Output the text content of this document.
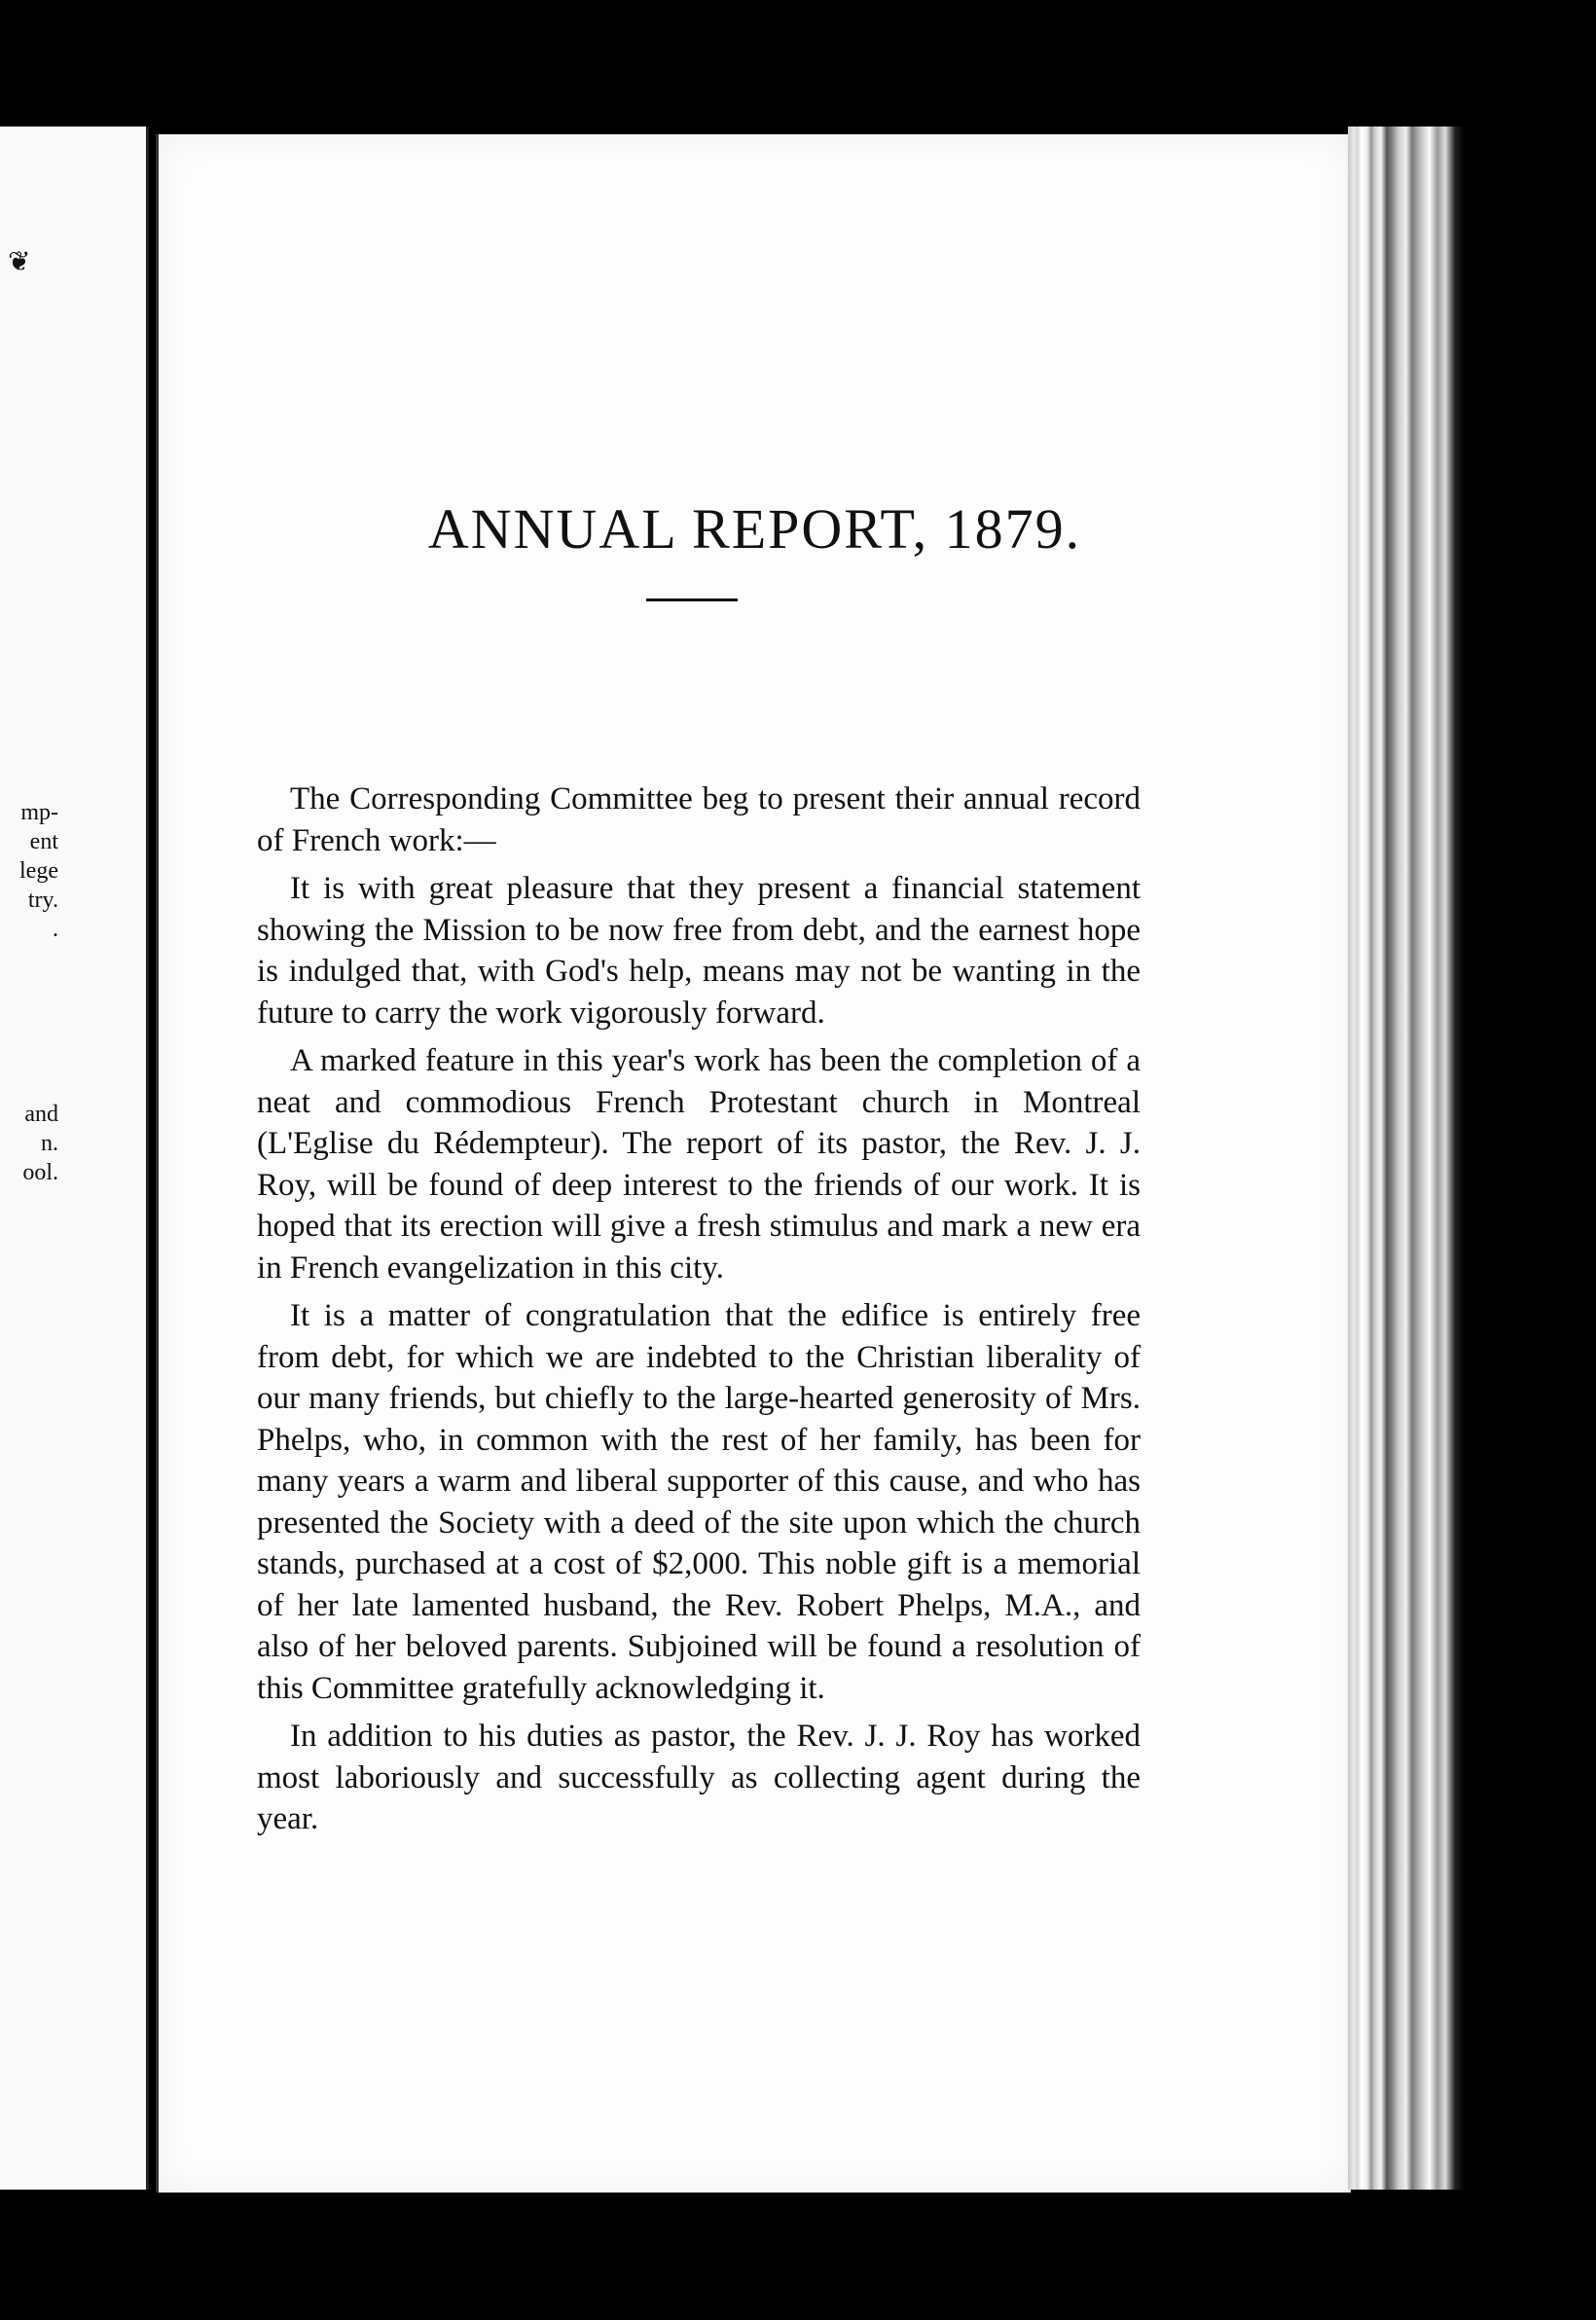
❦
mp-
ent
lege
try.
.
and
n.
ool.
ANNUAL REPORT, 1879.

The Corresponding Committee beg to present their annual record of French work:—

It is with great pleasure that they present a financial statement showing the Mission to be now free from debt, and the earnest hope is indulged that, with God's help, means may not be wanting in the future to carry the work vigorously forward.

A marked feature in this year's work has been the completion of a neat and commodious French Protestant church in Montreal (L'Eglise du Rédempteur). The report of its pastor, the Rev. J. J. Roy, will be found of deep interest to the friends of our work. It is hoped that its erection will give a fresh stimulus and mark a new era in French evangelization in this city.

It is a matter of congratulation that the edifice is entirely free from debt, for which we are indebted to the Christian liberality of our many friends, but chiefly to the large-hearted generosity of Mrs. Phelps, who, in common with the rest of her family, has been for many years a warm and liberal supporter of this cause, and who has presented the Society with a deed of the site upon which the church stands, purchased at a cost of $2,000. This noble gift is a memorial of her late lamented husband, the Rev. Robert Phelps, M.A., and also of her beloved parents. Subjoined will be found a resolution of this Committee gratefully acknowledging it.

In addition to his duties as pastor, the Rev. J. J. Roy has worked most laboriously and successfully as collecting agent during the year.
